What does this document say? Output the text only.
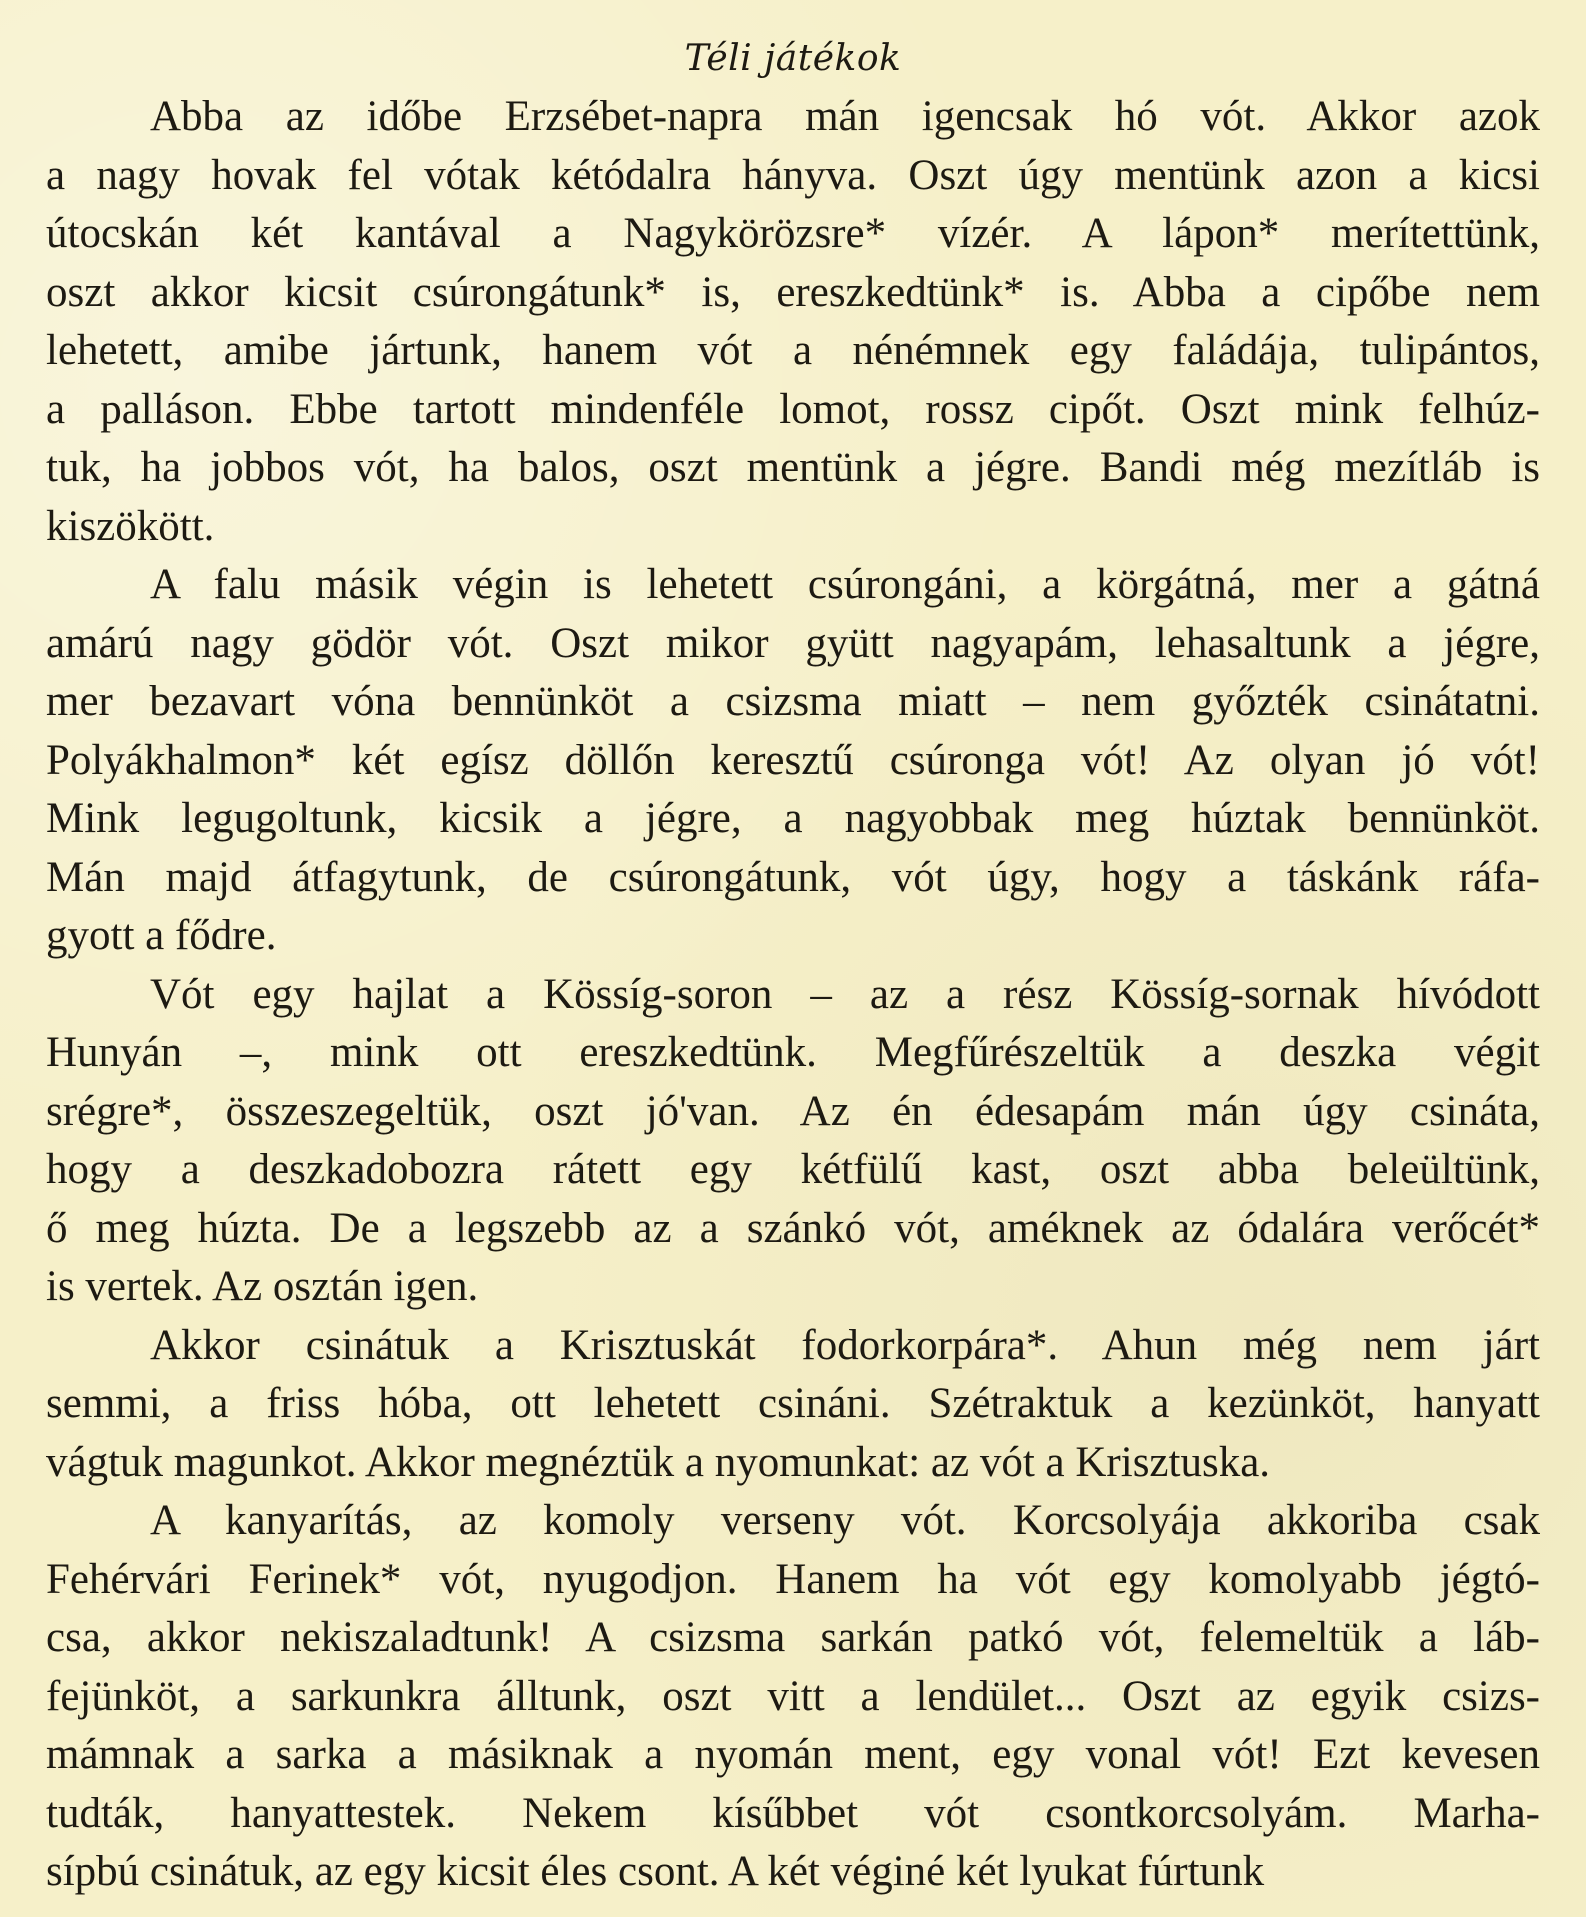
Téli játékok
Abba az időbe Erzsébet-napra mán igencsak hó vót. Akkor azok
a nagy hovak fel vótak kétódalra hányva. Oszt úgy mentünk azon a kicsi
útocskán két kantával a Nagykörözsre* vízér. A lápon* merítettünk,
oszt akkor kicsit csúrongátunk* is, ereszkedtünk* is. Abba a cipőbe nem
lehetett, amibe jártunk, hanem vót a nénémnek egy faládája, tulipántos,
a palláson. Ebbe tartott mindenféle lomot, rossz cipőt. Oszt mink felhúz-
tuk, ha jobbos vót, ha balos, oszt mentünk a jégre. Bandi még mezítláb is
kiszökött.
A falu másik végin is lehetett csúrongáni, a körgátná, mer a gátná
amárú nagy gödör vót. Oszt mikor gyütt nagyapám, lehasaltunk a jégre,
mer bezavart vóna bennünköt a csizsma miatt – nem győzték csinátatni.
Polyákhalmon* két egísz döllőn keresztű csúronga vót! Az olyan jó vót!
Mink legugoltunk, kicsik a jégre, a nagyobbak meg húztak bennünköt.
Mán majd átfagytunk, de csúrongátunk, vót úgy, hogy a táskánk ráfa-
gyott a fődre.
Vót egy hajlat a Kössíg-soron – az a rész Kössíg-sornak hívódott
Hunyán –, mink ott ereszkedtünk. Megfűrészeltük a deszka végit
srégre*, összeszegeltük, oszt jó'van. Az én édesapám mán úgy csináta,
hogy a deszkadobozra rátett egy kétfülű kast, oszt abba beleültünk,
ő meg húzta. De a legszebb az a szánkó vót, améknek az ódalára verőcét*
is vertek. Az osztán igen.
Akkor csinátuk a Krisztuskát fodorkorpára*. Ahun még nem járt
semmi, a friss hóba, ott lehetett csináni. Szétraktuk a kezünköt, hanyatt
vágtuk magunkot. Akkor megnéztük a nyomunkat: az vót a Krisztuska.
A kanyarítás, az komoly verseny vót. Korcsolyája akkoriba csak
Fehérvári Ferinek* vót, nyugodjon. Hanem ha vót egy komolyabb jégtó-
csa, akkor nekiszaladtunk! A csizsma sarkán patkó vót, felemeltük a láb-
fejünköt, a sarkunkra álltunk, oszt vitt a lendület... Oszt az egyik csizs-
mámnak a sarka a másiknak a nyomán ment, egy vonal vót! Ezt kevesen
tudták, hanyattestek. Nekem kísűbbet vót csontkorcsolyám. Marha-
sípbú csinátuk, az egy kicsit éles csont. A két véginé két lyukat fúrtunk
